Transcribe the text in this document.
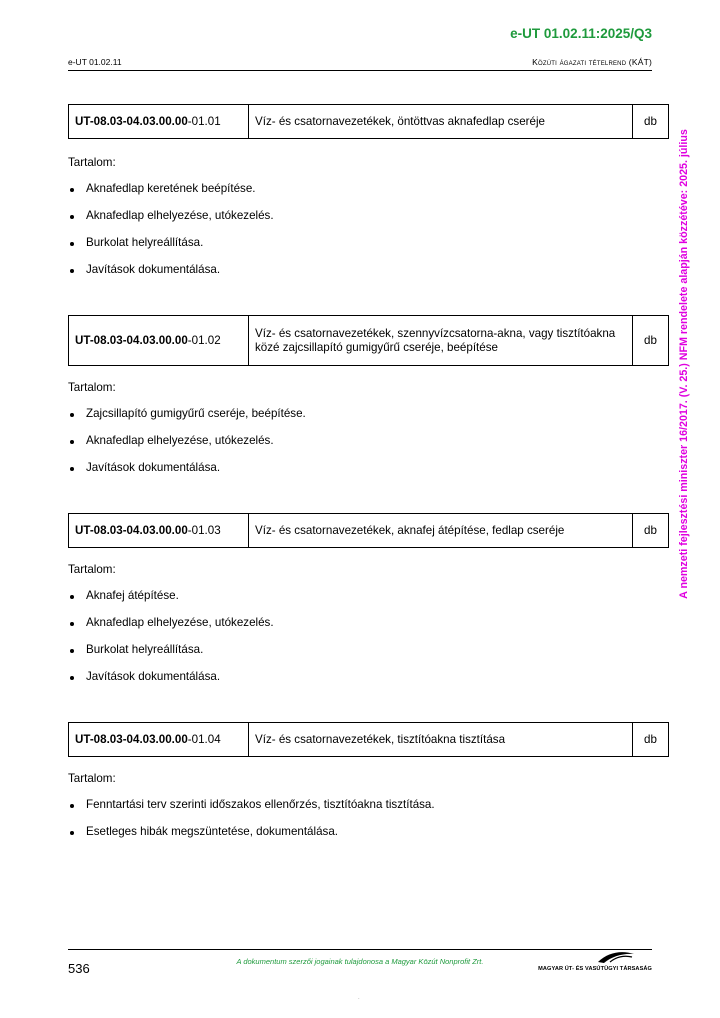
e-UT 01.02.11:2025/Q3
e-UT 01.02.11	Közúti ágazati tételrend (KÁT)
A nemzeti fejlesztési miniszter 16/2017. (V. 25.) NFM rendelete alapján közzétéve: 2025. július
UT-08.03-04.03.00.00-01.01	Víz- és csatornavezetékek, öntöttvas aknafedlap cseréje	db

Tartalom:

Aknafedlap keretének beépítése.
Aknafedlap elhelyezése, utókezelés.
Burkolat helyreállítása.
Javítások dokumentálása.
UT-08.03-04.03.00.00-01.02	Víz- és csatornavezetékek, szennyvízcsatorna-akna, vagy tisztítóakna közé zajcsillapító gumigyűrű cseréje, beépítése	db

Tartalom:

Zajcsillapító gumigyűrű cseréje, beépítése.
Aknafedlap elhelyezése, utókezelés.
Javítások dokumentálása.
UT-08.03-04.03.00.00-01.03	Víz- és csatornavezetékek, aknafej átépítése, fedlap cseréje	db

Tartalom:

Aknafej átépítése.
Aknafedlap elhelyezése, utókezelés.
Burkolat helyreállítása.
Javítások dokumentálása.
UT-08.03-04.03.00.00-01.04	Víz- és csatornavezetékek, tisztítóakna tisztítása	db

Tartalom:

Fenntartási terv szerinti időszakos ellenőrzés, tisztítóakna tisztítása.
Esetleges hibák megszüntetése, dokumentálása.
536	A dokumentum szerzői jogainak tulajdonosa a Magyar Közút Nonprofit Zrt.
MAGYAR ÚT- ÉS VASÚTÜGYI TÁRSASÁG
.
